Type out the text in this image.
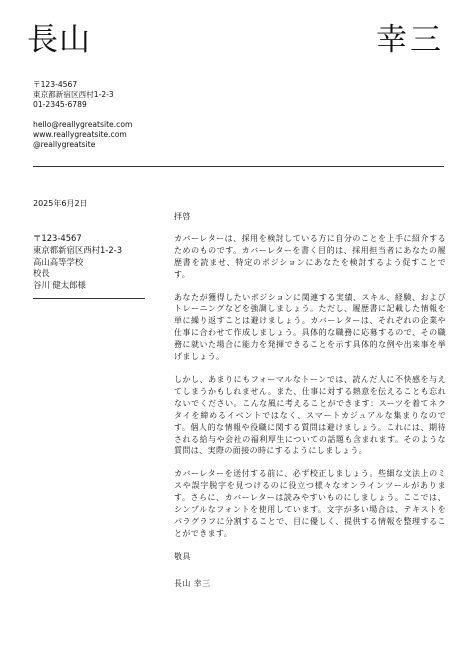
長山	幸三
〒123-4567
東京都新宿区西村1-2-3
01-2345-6789
hello@reallygreatsite.com
www.reallygreatsite.com
@reallygreatsite
2025年6月2日
〒123-4567
東京都新宿区西村1-2-3
高山高等学校
校長
谷川 健太郎様

拝啓

カバーレターは、採用を検討している方に自分のことを上手に紹介するためのものです。カバーレターを書く目的は、採用担当者にあなたの履歴書を読ませ、特定のポジションにあなたを検討するよう促すことです。

あなたが獲得したいポジションに関連する実績、スキル、経験、およびトレーニングなどを強調しましょう。ただし、履歴書に記載した情報を単に繰り返すことは避けましょう。カバーレターは、それぞれの企業や仕事に合わせて作成しましょう。具体的な職務に応募するので、その職務に就いた場合に能力を発揮できることを示す具体的な例や出来事を挙げましょう。

しかし、あまりにもフォーマルなトーンでは、読んだ人に不快感を与えてしまうかもしれません。また、仕事に対する熱意を伝えることも忘れないでください。こんな風に考えることができます：スーツを着てネクタイを締めるイベントではなく、スマートカジュアルな集まりなのです。個人的な情報や役職に関する質問は避けましょう。これには、期待される給与や会社の福利厚生についての話題も含まれます。そのような質問は、実際の面接の時にするようにしましょう。

カバーレターを送付する前に、必ず校正しましょう。些細な文法上のミスや誤字脱字を見つけるのに役立つ様々なオンラインツールがあります。さらに、カバーレターは読みやすいものにしましょう。ここでは、シンプルなフォントを使用しています。文字が多い場合は、テキストをパラグラフに分割することで、目に優しく、提供する情報を整理することができます。

敬具

長山 幸三
